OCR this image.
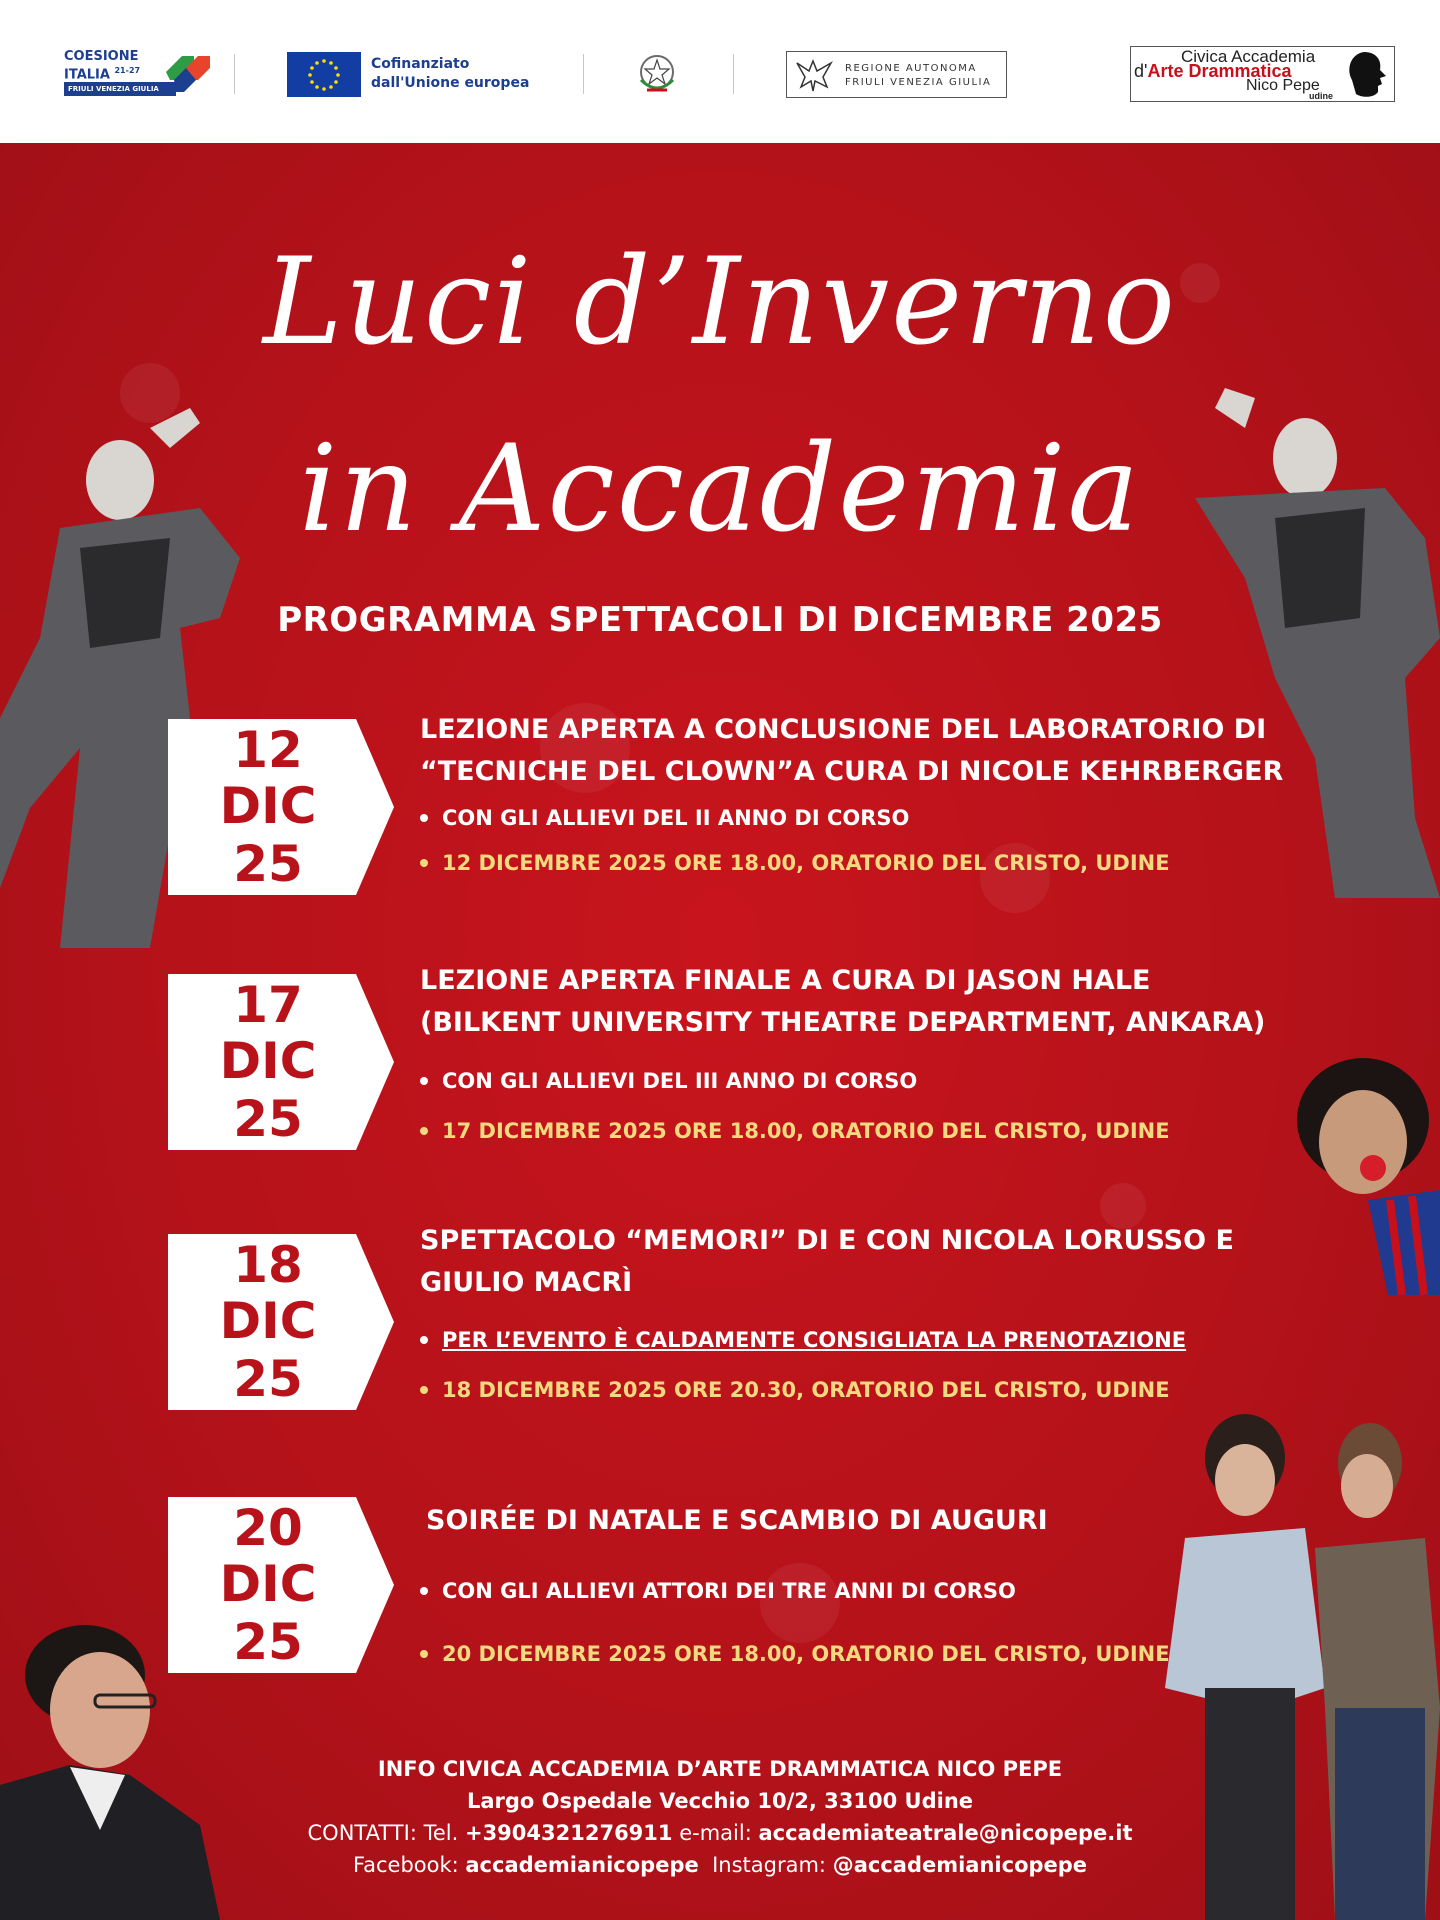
COESIONE
ITALIA $^{21-27}$
FRIULI VENEZIA GIULIA
Cofinanziato
dall'Unione europea
REGIONE AUTONOMA
FRIULI VENEZIA GIULIA
Civica Accademia
d'Arte Drammatica
Nico Pepe
udine
Luci d’Inverno
in Accademia
PROGRAMMA SPETTACOLI DI DICEMBRE 2025
12
DIC
25
LEZIONE APERTA A CONCLUSIONE DEL LABORATORIO DI
“TECNICHE DEL CLOWN”A CURA DI NICOLE KEHRBERGER
CON GLI ALLIEVI DEL II ANNO DI CORSO
12 DICEMBRE 2025 ORE 18.00, ORATORIO DEL CRISTO, UDINE
17
DIC
25
LEZIONE APERTA FINALE A CURA DI JASON HALE
(BILKENT UNIVERSITY THEATRE DEPARTMENT, ANKARA)
CON GLI ALLIEVI DEL III ANNO DI CORSO
17 DICEMBRE 2025 ORE 18.00, ORATORIO DEL CRISTO, UDINE
18
DIC
25
SPETTACOLO “MEMORI” DI E CON NICOLA LORUSSO E
GIULIO MACRÌ
PER L’EVENTO È CALDAMENTE CONSIGLIATA LA PRENOTAZIONE
18 DICEMBRE 2025 ORE 20.30, ORATORIO DEL CRISTO, UDINE
20
DIC
25
SOIRÉE DI NATALE E SCAMBIO DI AUGURI
CON GLI ALLIEVI ATTORI DEI TRE ANNI DI CORSO
20 DICEMBRE 2025 ORE 18.00, ORATORIO DEL CRISTO, UDINE
INFO CIVICA ACCADEMIA D’ARTE DRAMMATICA NICO PEPE
Largo Ospedale Vecchio 10/2, 33100 Udine
CONTATTI: Tel. +3904321276911 e-mail: accademiateatrale@nicopepe.it
Facebook: accademianicopepe Instagram: @accademianicopepe
